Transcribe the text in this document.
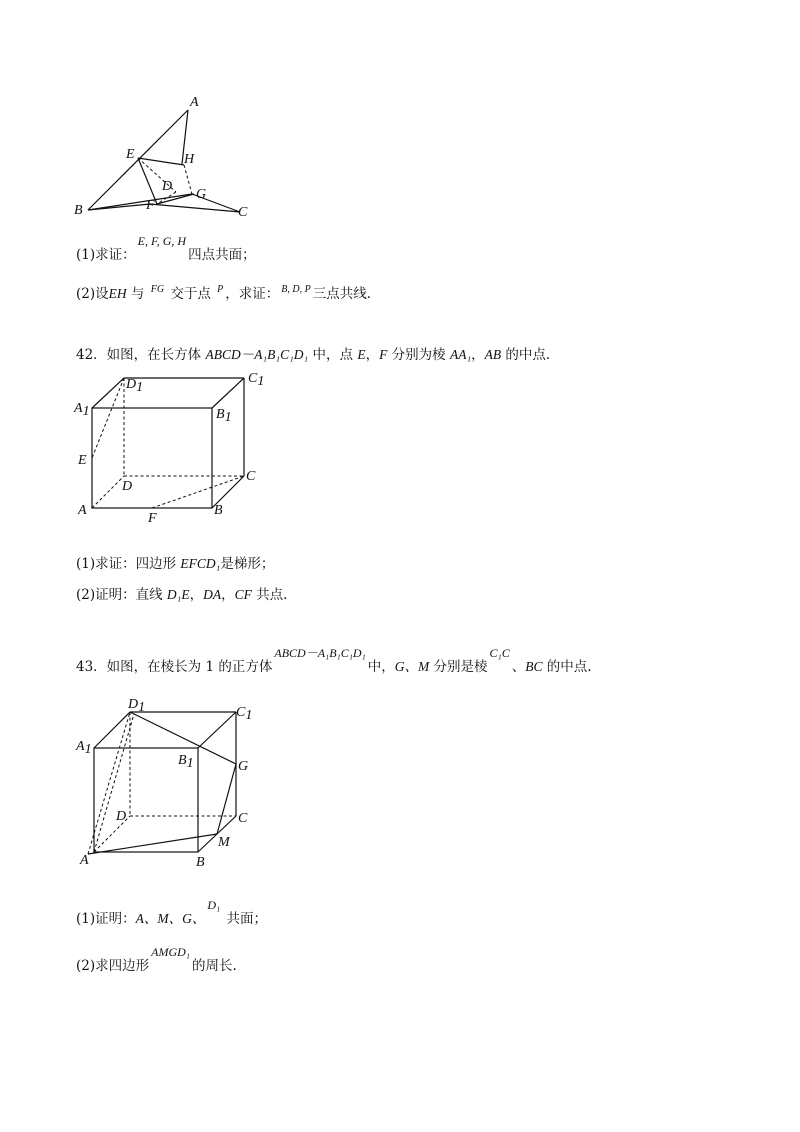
A
E	H
D
G
F
B	C
(1)求证：E, F, G, H四点共面；
(2)设EH 与 $^{FG}$ 交于点 $^P$ ，求证： $^{B, D, P}$ 三点共线.
42．如图，在长方体 ABCD－A₁B₁C₁D₁ 中，点 E，F 分别为棱 AA₁，AB 的中点.
D1
C1
A1	B1
E
D
C
A	B
F
(1)求证：四边形 EFCD₁是梯形；
(2)证明：直线 D₁E，DA，CF 共点.
43．如图，在棱长为 1 的正方体ABCD－A₁B₁C₁D₁中，G、M 分别是棱C₁C、BC 的中点.
D1	C1
A1
B1	G
D	C
M
A	B
(1)证明：A、M、G、D₁ 共面；
(2)求四边形AMGD₁的周长.
